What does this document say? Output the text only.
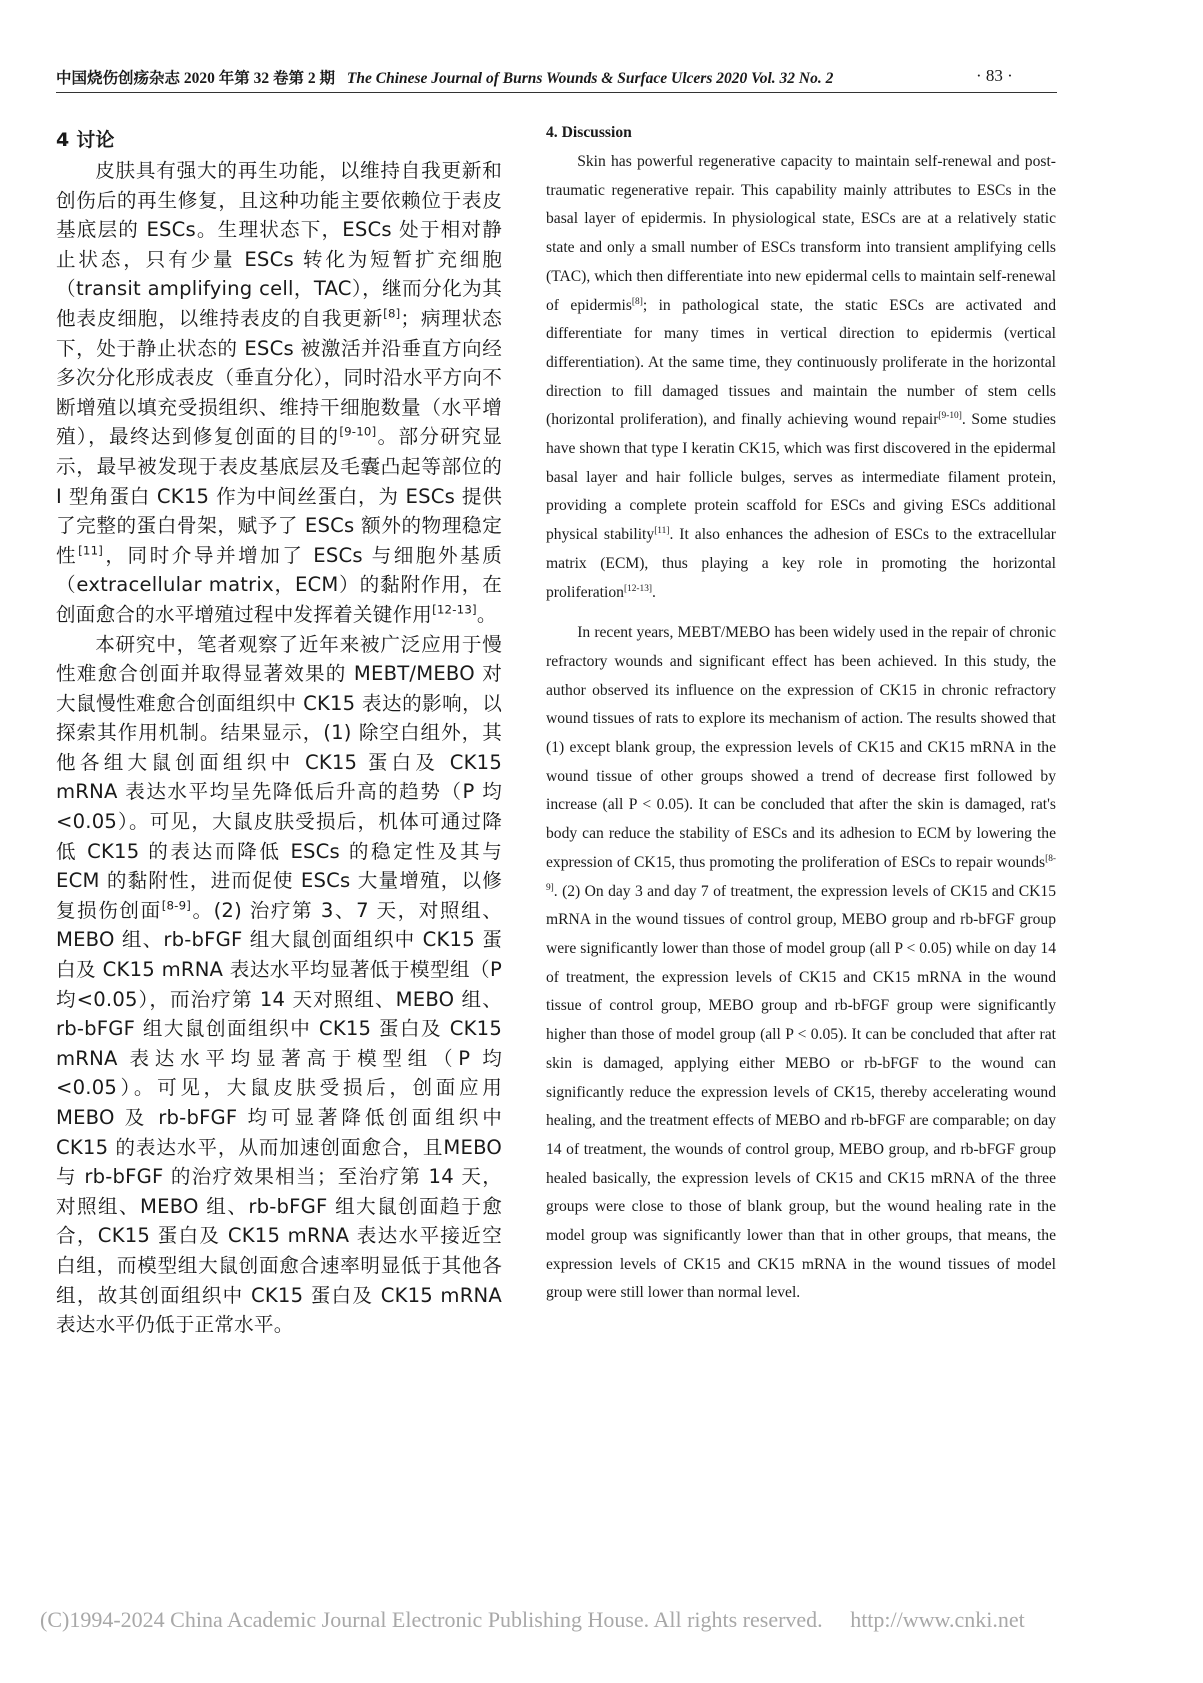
中国烧伤创疡杂志 2020 年第 32 卷第 2 期 The Chinese Journal of Burns Wounds & Surface Ulcers 2020 Vol. 32 No. 2	· 83 ·
4 讨论

皮肤具有强大的再生功能，以维持自我更新和创伤后的再生修复，且这种功能主要依赖位于表皮基底层的 ESCs。生理状态下，ESCs 处于相对静止状态，只有少量 ESCs 转化为短暂扩充细胞（transit amplifying cell，TAC），继而分化为其他表皮细胞，以维持表皮的自我更新[8]；病理状态下，处于静止状态的 ESCs 被激活并沿垂直方向经多次分化形成表皮（垂直分化），同时沿水平方向不断增殖以填充受损组织、维持干细胞数量（水平增殖），最终达到修复创面的目的[9-10]。部分研究显示，最早被发现于表皮基底层及毛囊凸起等部位的 I 型角蛋白 CK15 作为中间丝蛋白，为 ESCs 提供了完整的蛋白骨架，赋予了 ESCs 额外的物理稳定性[11]，同时介导并增加了 ESCs 与细胞外基质（extracellular matrix，ECM）的黏附作用，在创面愈合的水平增殖过程中发挥着关键作用[12-13]。

本研究中，笔者观察了近年来被广泛应用于慢性难愈合创面并取得显著效果的 MEBT/MEBO 对大鼠慢性难愈合创面组织中 CK15 表达的影响，以探索其作用机制。结果显示，(1) 除空白组外，其他各组大鼠创面组织中 CK15 蛋白及 CK15 mRNA 表达水平均呈先降低后升高的趋势（P 均<0.05）。可见，大鼠皮肤受损后，机体可通过降低 CK15 的表达而降低 ESCs 的稳定性及其与 ECM 的黏附性，进而促使 ESCs 大量增殖，以修复损伤创面[8-9]。(2) 治疗第 3、7 天，对照组、MEBO 组、rb-bFGF 组大鼠创面组织中 CK15 蛋白及 CK15 mRNA 表达水平均显著低于模型组（P 均<0.05），而治疗第 14 天对照组、MEBO 组、rb-bFGF 组大鼠创面组织中 CK15 蛋白及 CK15 mRNA 表达水平均显著高于模型组（P 均<0.05）。可见，大鼠皮肤受损后，创面应用 MEBO 及 rb-bFGF 均可显著降低创面组织中 CK15 的表达水平，从而加速创面愈合，且MEBO与 rb-bFGF 的治疗效果相当；至治疗第 14 天，对照组、MEBO 组、rb-bFGF 组大鼠创面趋于愈合，CK15 蛋白及 CK15 mRNA 表达水平接近空白组，而模型组大鼠创面愈合速率明显低于其他各组，故其创面组织中 CK15 蛋白及 CK15 mRNA 表达水平仍低于正常水平。

4. Discussion

Skin has powerful regenerative capacity to maintain self-renewal and post-traumatic regenerative repair. This capability mainly attributes to ESCs in the basal layer of epidermis. In physiological state, ESCs are at a relatively static state and only a small number of ESCs transform into transient amplifying cells (TAC), which then differentiate into new epidermal cells to maintain self-renewal of epidermis[8]; in pathological state, the static ESCs are activated and differentiate for many times in vertical direction to epidermis (vertical differentiation). At the same time, they continuously proliferate in the horizontal direction to fill damaged tissues and maintain the number of stem cells (horizontal proliferation), and finally achieving wound repair[9-10]. Some studies have shown that type I keratin CK15, which was first discovered in the epidermal basal layer and hair follicle bulges, serves as intermediate filament protein, providing a complete protein scaffold for ESCs and giving ESCs additional physical stability[11]. It also enhances the adhesion of ESCs to the extracellular matrix (ECM), thus playing a key role in promoting the horizontal proliferation[12-13].

In recent years, MEBT/MEBO has been widely used in the repair of chronic refractory wounds and significant effect has been achieved. In this study, the author observed its influence on the expression of CK15 in chronic refractory wound tissues of rats to explore its mechanism of action. The results showed that (1) except blank group, the expression levels of CK15 and CK15 mRNA in the wound tissue of other groups showed a trend of decrease first followed by increase (all P < 0.05). It can be concluded that after the skin is damaged, rat's body can reduce the stability of ESCs and its adhesion to ECM by lowering the expression of CK15, thus promoting the proliferation of ESCs to repair wounds[8-9]. (2) On day 3 and day 7 of treatment, the expression levels of CK15 and CK15 mRNA in the wound tissues of control group, MEBO group and rb-bFGF group were significantly lower than those of model group (all P < 0.05) while on day 14 of treatment, the expression levels of CK15 and CK15 mRNA in the wound tissue of control group, MEBO group and rb-bFGF group were significantly higher than those of model group (all P < 0.05). It can be concluded that after rat skin is damaged, applying either MEBO or rb-bFGF to the wound can significantly reduce the expression levels of CK15, thereby accelerating wound healing, and the treatment effects of MEBO and rb-bFGF are comparable; on day 14 of treatment, the wounds of control group, MEBO group, and rb-bFGF group healed basically, the expression levels of CK15 and CK15 mRNA of the three groups were close to those of blank group, but the wound healing rate in the model group was significantly lower than that in other groups, that means, the expression levels of CK15 and CK15 mRNA in the wound tissues of model group were still lower than normal level.

(C)1994-2024 China Academic Journal Electronic Publishing House. All rights reserved. http://www.cnki.net
